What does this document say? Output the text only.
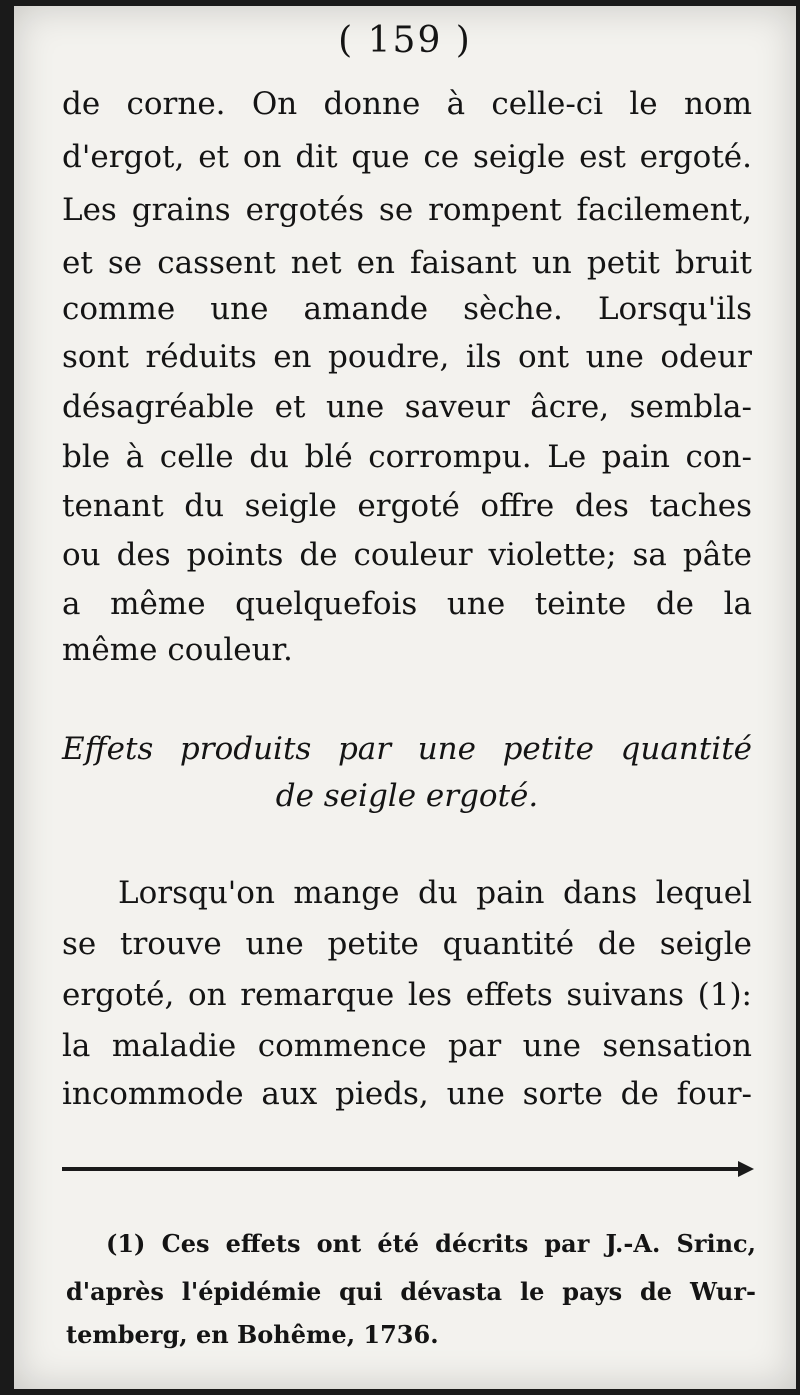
( 159 )
de corne. On donne à celle-ci le nom
d'ergot, et on dit que ce seigle est ergoté.
Les grains ergotés se rompent facilement,
et se cassent net en faisant un petit bruit
comme une amande sèche. Lorsqu'ils
sont réduits en poudre, ils ont une odeur
désagréable et une saveur âcre, sembla-
ble à celle du blé corrompu. Le pain con-
tenant du seigle ergoté offre des taches
ou des points de couleur violette; sa pâte
a même quelquefois une teinte de la
même couleur.
Effets produits par une petite quantité
de seigle ergoté.
Lorsqu'on mange du pain dans lequel
se trouve une petite quantité de seigle
ergoté, on remarque les effets suivans (1):
la maladie commence par une sensation
incommode aux pieds, une sorte de four-
(1) Ces effets ont été décrits par J.-A. Srinc,
d'après l'épidémie qui dévasta le pays de Wur-
temberg, en Bohême, 1736.
